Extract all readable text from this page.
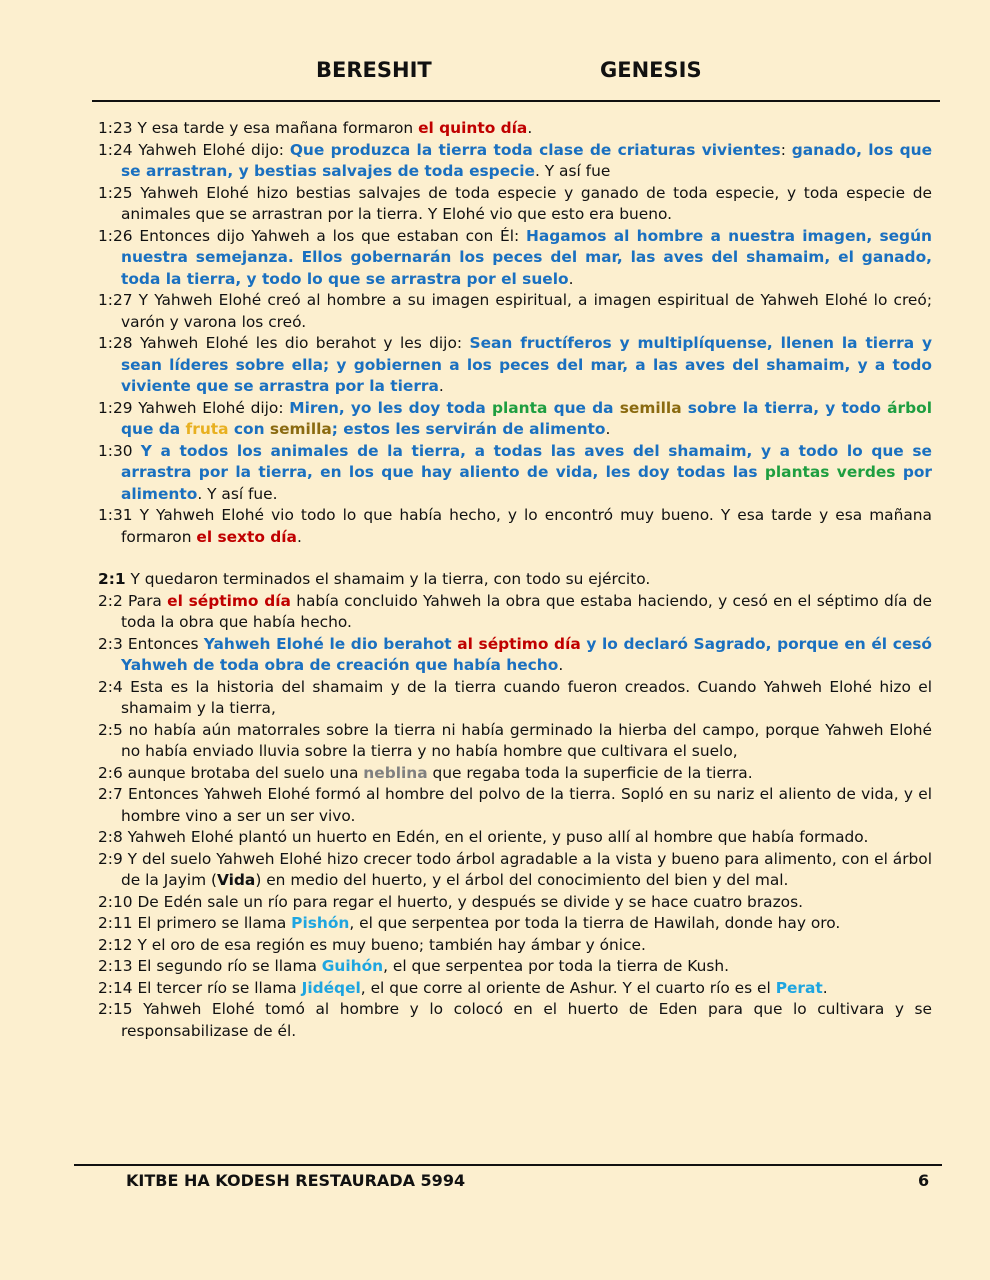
BERESHIT	GENESIS
1:23 Y esa tarde y esa mañana formaron el quinto día.
1:24 Yahweh Elohé dijo: Que produzca la tierra toda clase de criaturas vivientes: ganado, los que se arrastran, y bestias salvajes de toda especie. Y así fue
1:25 Yahweh Elohé hizo bestias salvajes de toda especie y ganado de toda especie, y toda especie de animales que se arrastran por la tierra. Y Elohé vio que esto era bueno.
1:26 Entonces dijo Yahweh a los que estaban con Él: Hagamos al hombre a nuestra imagen, según nuestra semejanza. Ellos gobernarán los peces del mar, las aves del shamaim, el ganado, toda la tierra, y todo lo que se arrastra por el suelo.
1:27 Y Yahweh Elohé creó al hombre a su imagen espiritual, a imagen espiritual de Yahweh Elohé lo creó; varón y varona los creó.
1:28 Yahweh Elohé les dio berahot y les dijo: Sean fructíferos y multiplíquense, llenen la tierra y sean líderes sobre ella; y gobiernen a los peces del mar, a las aves del shamaim, y a todo viviente que se arrastra por la tierra.
1:29 Yahweh Elohé dijo: Miren, yo les doy toda planta que da semilla sobre la tierra, y todo árbol que da fruta con semilla; estos les servirán de alimento.
1:30 Y a todos los animales de la tierra, a todas las aves del shamaim, y a todo lo que se arrastra por la tierra, en los que hay aliento de vida, les doy todas las plantas verdes por alimento. Y así fue.
1:31 Y Yahweh Elohé vio todo lo que había hecho, y lo encontró muy bueno. Y esa tarde y esa mañana formaron el sexto día.
2:1 Y quedaron terminados el shamaim y la tierra, con todo su ejército.
2:2 Para el séptimo día había concluido Yahweh la obra que estaba haciendo, y cesó en el séptimo día de toda la obra que había hecho.
2:3 Entonces Yahweh Elohé le dio berahot al séptimo día y lo declaró Sagrado, porque en él cesó Yahweh de toda obra de creación que había hecho.
2:4 Esta es la historia del shamaim y de la tierra cuando fueron creados. Cuando Yahweh Elohé hizo el shamaim y la tierra,
2:5 no había aún matorrales sobre la tierra ni había germinado la hierba del campo, porque Yahweh Elohé no había enviado lluvia sobre la tierra y no había hombre que cultivara el suelo,
2:6 aunque brotaba del suelo una neblina que regaba toda la superficie de la tierra.
2:7 Entonces Yahweh Elohé formó al hombre del polvo de la tierra. Sopló en su nariz el aliento de vida, y el hombre vino a ser un ser vivo.
2:8 Yahweh Elohé plantó un huerto en Edén, en el oriente, y puso allí al hombre que había formado.
2:9 Y del suelo Yahweh Elohé hizo crecer todo árbol agradable a la vista y bueno para alimento, con el árbol de la Jayim (Vida) en medio del huerto, y el árbol del conocimiento del bien y del mal.
2:10 De Edén sale un río para regar el huerto, y después se divide y se hace cuatro brazos.
2:11 El primero se llama Pishón, el que serpentea por toda la tierra de Hawilah, donde hay oro.
2:12 Y el oro de esa región es muy bueno; también hay ámbar y ónice.
2:13 El segundo río se llama Guihón, el que serpentea por toda la tierra de Kush.
2:14 El tercer río se llama Jidéqel, el que corre al oriente de Ashur. Y el cuarto río es el Perat.
2:15 Yahweh Elohé tomó al hombre y lo colocó en el huerto de Eden para que lo cultivara y se responsabilizase de él.
KITBE HA KODESH RESTAURADA 5994	6
